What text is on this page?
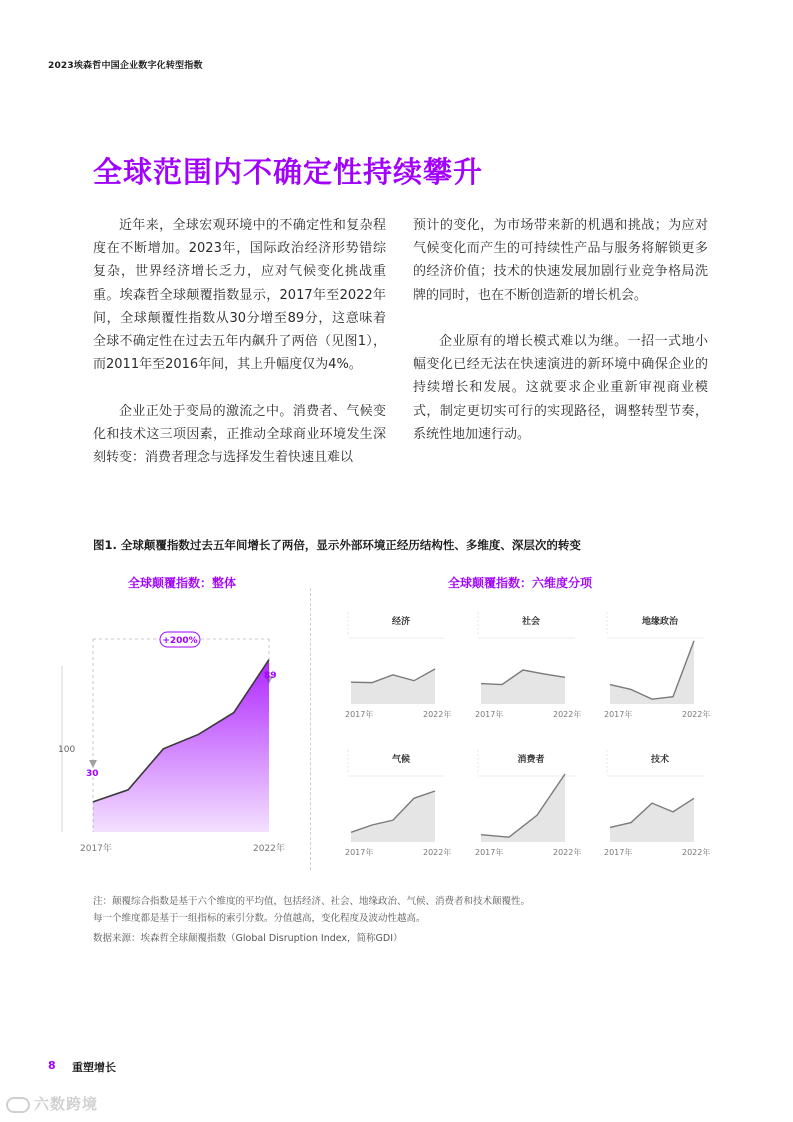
2023埃森哲中国企业数字化转型指数
全球范围内不确定性持续攀升

近年来，全球宏观环境中的不确定性和复杂程度在不断增加。2023年，国际政治经济形势错综复杂，世界经济增长乏力，应对气候变化挑战重重。埃森哲全球颠覆指数显示，2017年至2022年间，全球颠覆性指数从30分增至89分，这意味着全球不确定性在过去五年内飙升了两倍（见图1），而2011年至2016年间，其上升幅度仅为4%。

企业正处于变局的激流之中。消费者、气候变化和技术这三项因素，正推动全球商业环境发生深刻转变：消费者理念与选择发生着快速且难以

预计的变化，为市场带来新的机遇和挑战；为应对气候变化而产生的可持续性产品与服务将解锁更多的经济价值；技术的快速发展加剧行业竞争格局洗牌的同时，也在不断创造新的增长机会。

企业原有的增长模式难以为继。一招一式地小幅变化已经无法在快速演进的新环境中确保企业的持续增长和发展。这就要求企业重新审视商业模式，制定更切实可行的实现路径，调整转型节奏，系统性地加速行动。

图1. 全球颠覆指数过去五年间增长了两倍，显示外部环境正经历结构性、多维度、深层次的转变
全球颠覆指数：整体	全球颠覆指数：六维度分项
+200%
30
89
100
2017年	2022年
经济
2017年	2022年
社会
2017年	2022年
地缘政治
2017年	2022年
气候
2017年	2022年
消费者
2017年	2022年
技术
2017年	2022年
注：颠覆综合指数是基于六个维度的平均值，包括经济、社会、地缘政治、气候、消费者和技术颠覆性。
每一个维度都是基于一组指标的索引分数。分值越高，变化程度及波动性越高。
数据来源：埃森哲全球颠覆指数（Global Disruption Index，简称GDI）
8 重塑增长
六数跨境
